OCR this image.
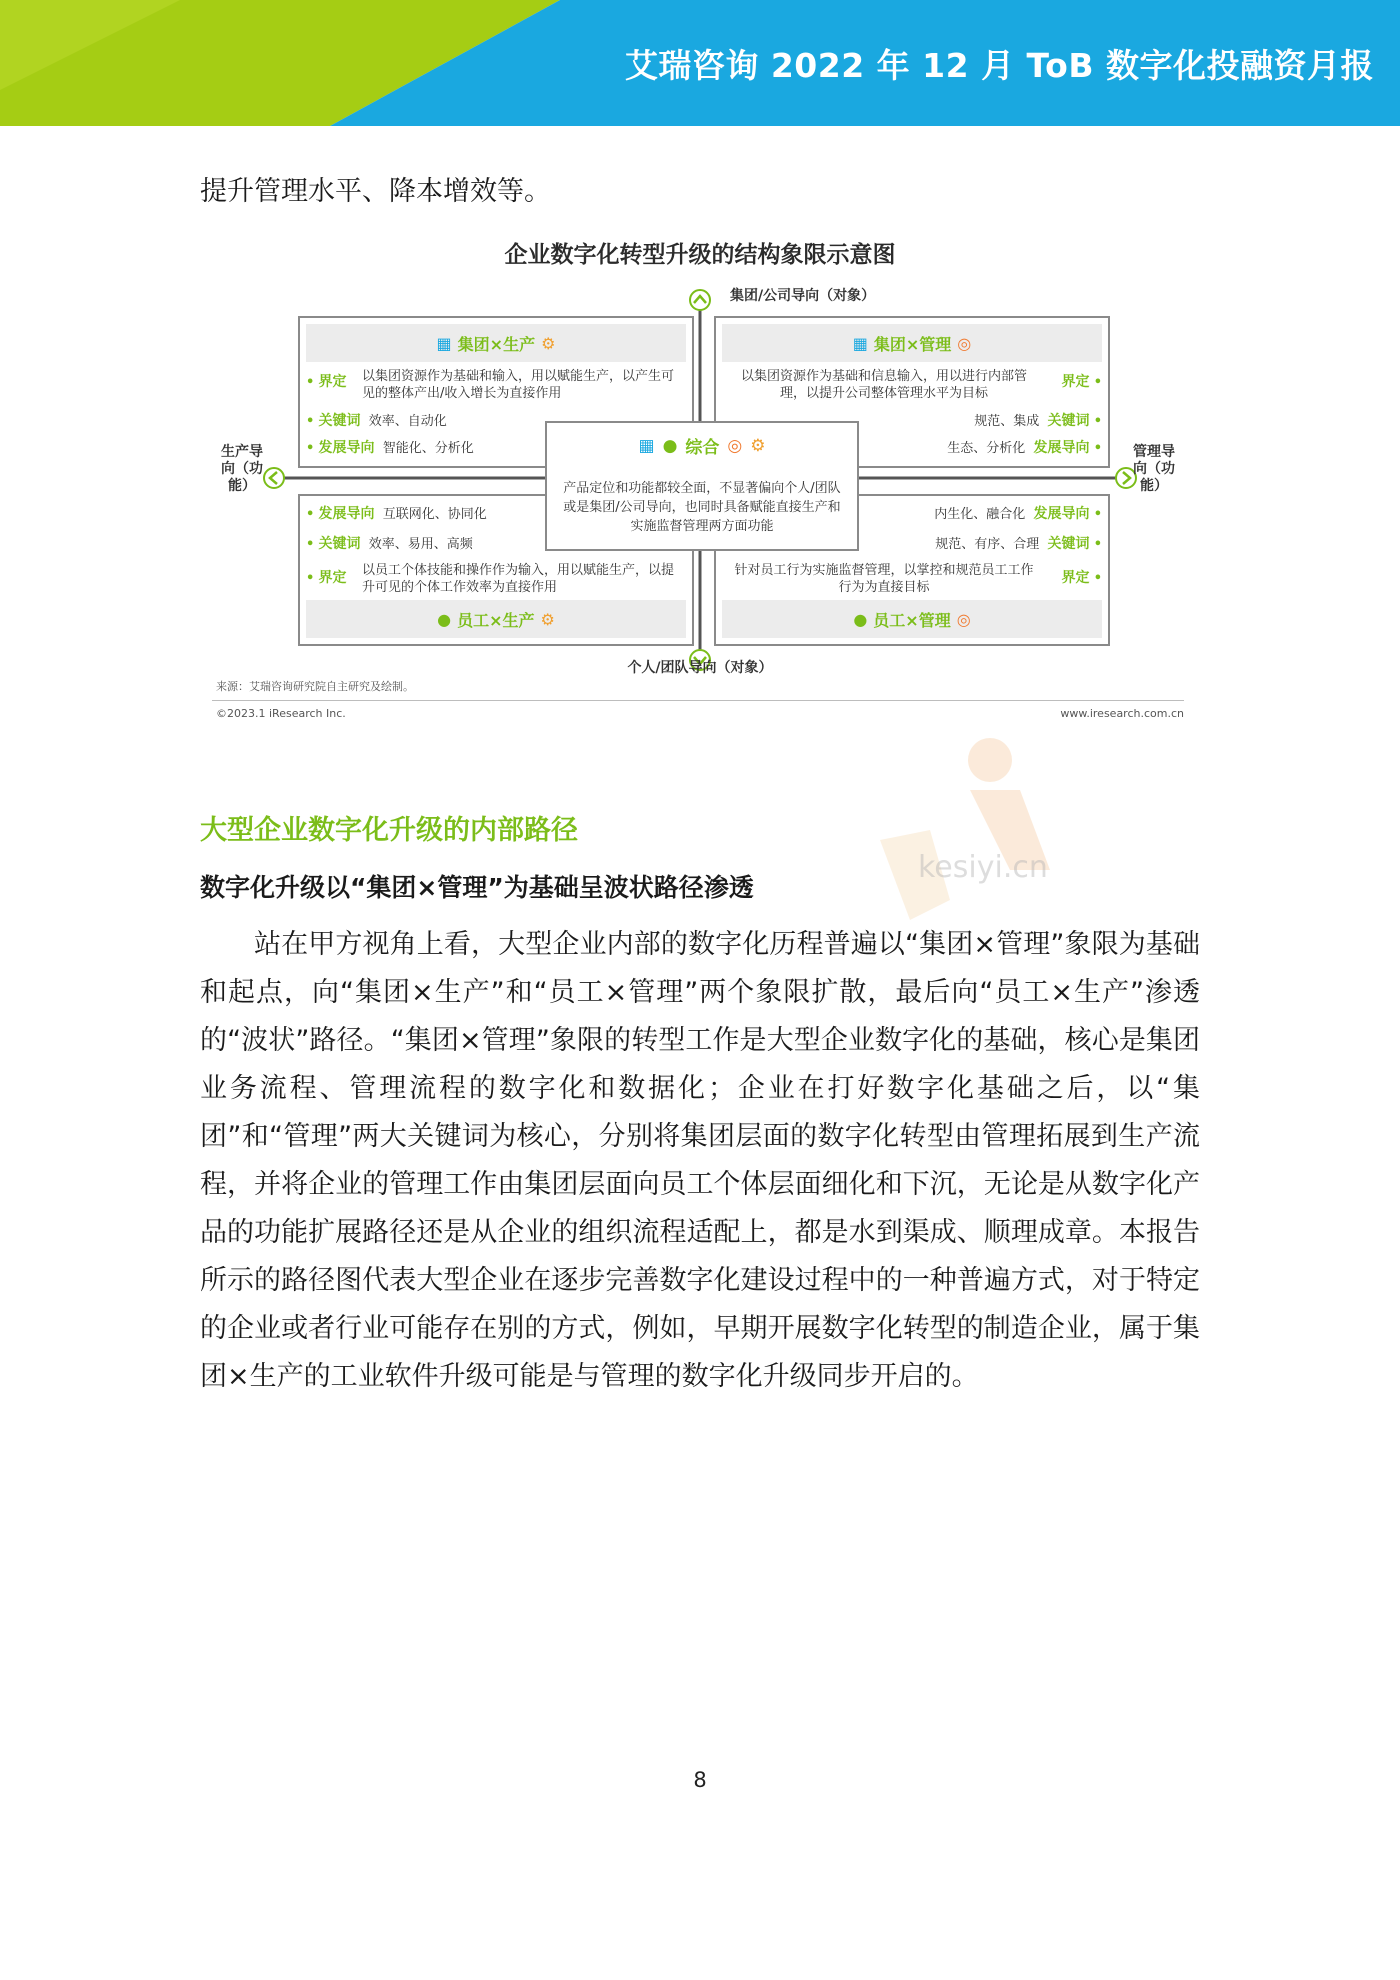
艾瑞咨询 2022 年 12 月 ToB 数字化投融资月报

提升管理水平、降本增效等。

企业数字化转型升级的结构象限示意图
集团/公司导向（对象）
个人/团队导向（对象）
生产导向（功能）
管理导向（功能）
▦ 集团×生产 ⚙
• 界定	以集团资源作为基础和输入，用以赋能生产，以产生可见的整体产出/收入增长为直接作用
• 关键词 效率、自动化
• 发展导向 智能化、分析化
▦ 集团×管理 ◎
以集团资源作为基础和信息输入，用以进行内部管理，以提升公司整体管理水平为目标
界定 •
规范、集成 关键词 •
生态、分析化 发展导向 •
• 发展导向 互联网化、协同化
• 关键词 效率、易用、高频
• 界定	以员工个体技能和操作作为输入，用以赋能生产，以提升可见的个体工作效率为直接作用
● 员工×生产 ⚙
内生化、融合化 发展导向 •
规范、有序、合理 关键词 •
针对员工行为实施监督管理，以掌控和规范员工工作行为为直接目标
界定 •
● 员工×管理 ◎
▦ ● 综合 ◎ ⚙
产品定位和功能都较全面，不显著偏向个人/团队或是集团/公司导向，也同时具备赋能直接生产和实施监督管理两方面功能
来源：艾瑞咨询研究院自主研究及绘制。
©2023.1 iResearch Inc.	www.iresearch.com.cn
kesiyi.cn
大型企业数字化升级的内部路径
数字化升级以“集团×管理”为基础呈波状路径渗透

站在甲方视角上看，大型企业内部的数字化历程普遍以“集团×管理”象限为基础和起点，向“集团×生产”和“员工×管理”两个象限扩散，最后向“员工×生产”渗透的“波状”路径。“集团×管理”象限的转型工作是大型企业数字化的基础，核心是集团业务流程、管理流程的数字化和数据化；企业在打好数字化基础之后，以“集团”和“管理”两大关键词为核心，分别将集团层面的数字化转型由管理拓展到生产流程，并将企业的管理工作由集团层面向员工个体层面细化和下沉，无论是从数字化产品的功能扩展路径还是从企业的组织流程适配上，都是水到渠成、顺理成章。本报告所示的路径图代表大型企业在逐步完善数字化建设过程中的一种普遍方式，对于特定的企业或者行业可能存在别的方式，例如，早期开展数字化转型的制造企业，属于集团×生产的工业软件升级可能是与管理的数字化升级同步开启的。

8
